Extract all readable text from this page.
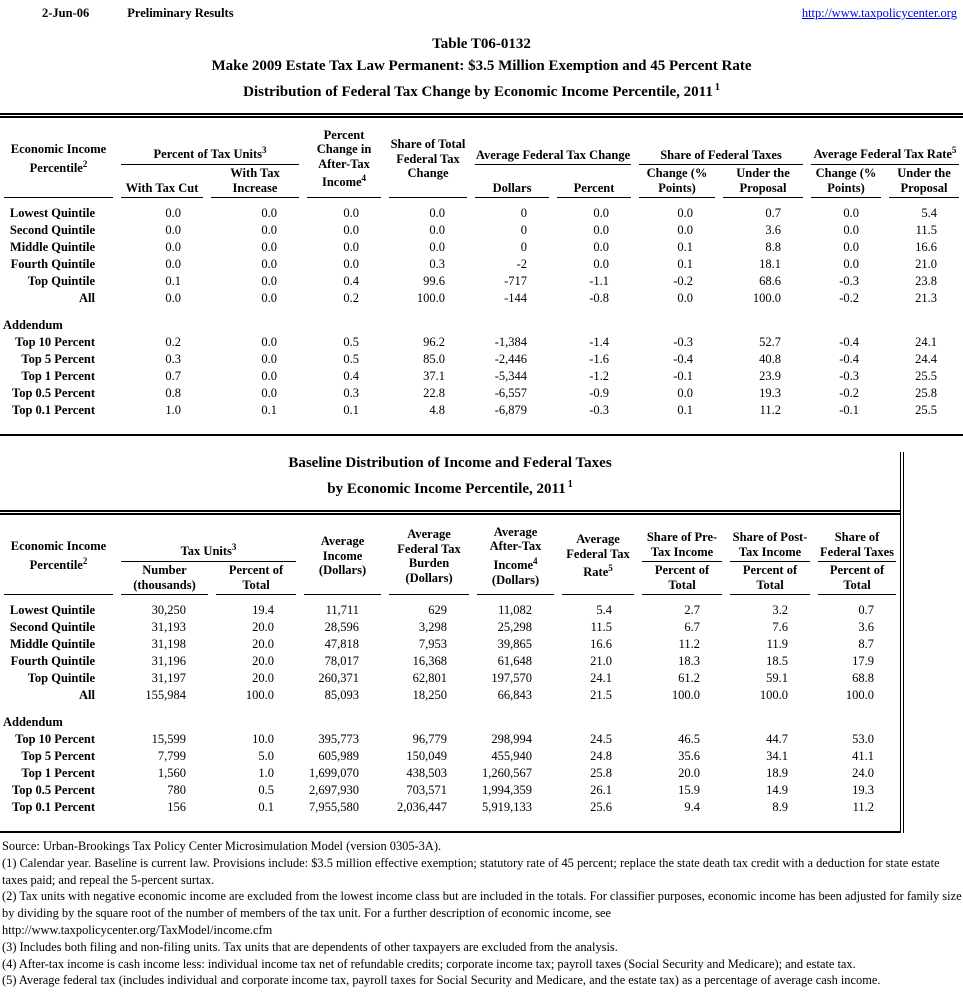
2-Jun-06	Preliminary Results	http://www.taxpolicycenter.org
Table T06-0132
Make 2009 Estate Tax Law Permanent: $3.5 Million Exemption and 45 Percent Rate
Distribution of Federal Tax Change by Economic Income Percentile, 2011 $^1$
Economic Income Percentile$^2$	Percent of Tax Units$^3$		Percent Change in After-Tax Income$^4$	Share of Total Federal Tax Change	Average Federal Tax Change		Share of Federal Taxes		Average Federal Tax Rate$^5$

	With Tax Cut	With Tax Increase			Dollars	Percent	Change (% Points)	Under the Proposal	Change (% Points)	Under the Proposal

Lowest Quintile	0.0	0.0	0.0	0.0	0	0.0	0.0	0.7	0.0	5.4
Second Quintile	0.0	0.0	0.0	0.0	0	0.0	0.0	3.6	0.0	11.5
Middle Quintile	0.0	0.0	0.0	0.0	0	0.0	0.1	8.8	0.0	16.6
Fourth Quintile	0.0	0.0	0.0	0.3	-2	0.0	0.1	18.1	0.0	21.0
Top Quintile	0.1	0.0	0.4	99.6	-717	-1.1	-0.2	68.6	-0.3	23.8
All	0.0	0.0	0.2	100.0	-144	-0.8	0.0	100.0	-0.2	21.3

Addendum										
Top 10 Percent	0.2	0.0	0.5	96.2	-1,384	-1.4	-0.3	52.7	-0.4	24.1
Top 5 Percent	0.3	0.0	0.5	85.0	-2,446	-1.6	-0.4	40.8	-0.4	24.4
Top 1 Percent	0.7	0.0	0.4	37.1	-5,344	-1.2	-0.1	23.9	-0.3	25.5
Top 0.5 Percent	0.8	0.0	0.3	22.8	-6,557	-0.9	0.0	19.3	-0.2	25.8
Top 0.1 Percent	1.0	0.1	0.1	4.8	-6,879	-0.3	0.1	11.2	-0.1	25.5
Baseline Distribution of Income and Federal Taxes
by Economic Income Percentile, 2011 $^1$
Economic Income Percentile$^2$	Tax Units$^3$		Average Income (Dollars)	Average Federal Tax Burden (Dollars)	Average After-Tax Income$^4$ (Dollars)	Average Federal Tax Rate$^5$	Share of Pre-Tax Income	Share of Post-Tax Income	Share of Federal Taxes

	Number (thousands)	Percent of Total					Percent of Total	Percent of Total	Percent of Total

Lowest Quintile	30,250	19.4	11,711	629	11,082	5.4	2.7	3.2	0.7
Second Quintile	31,193	20.0	28,596	3,298	25,298	11.5	6.7	7.6	3.6
Middle Quintile	31,198	20.0	47,818	7,953	39,865	16.6	11.2	11.9	8.7
Fourth Quintile	31,196	20.0	78,017	16,368	61,648	21.0	18.3	18.5	17.9
Top Quintile	31,197	20.0	260,371	62,801	197,570	24.1	61.2	59.1	68.8
All	155,984	100.0	85,093	18,250	66,843	21.5	100.0	100.0	100.0

Addendum									
Top 10 Percent	15,599	10.0	395,773	96,779	298,994	24.5	46.5	44.7	53.0
Top 5 Percent	7,799	5.0	605,989	150,049	455,940	24.8	35.6	34.1	41.1
Top 1 Percent	1,560	1.0	1,699,070	438,503	1,260,567	25.8	20.0	18.9	24.0
Top 0.5 Percent	780	0.5	2,697,930	703,571	1,994,359	26.1	15.9	14.9	19.3
Top 0.1 Percent	156	0.1	7,955,580	2,036,447	5,919,133	25.6	9.4	8.9	11.2
Source: Urban-Brookings Tax Policy Center Microsimulation Model (version 0305-3A).
(1) Calendar year. Baseline is current law. Provisions include: $3.5 million effective exemption; statutory rate of 45 percent; replace the state death tax credit with a deduction for state estate taxes paid; and repeal the 5-percent surtax.
(2) Tax units with negative economic income are excluded from the lowest income class but are included in the totals. For classifier purposes, economic income has been adjusted for family size by dividing by the square root of the number of members of the tax unit. For a further description of economic income, see
http://www.taxpolicycenter.org/TaxModel/income.cfm
(3) Includes both filing and non-filing units. Tax units that are dependents of other taxpayers are excluded from the analysis.
(4) After-tax income is cash income less: individual income tax net of refundable credits; corporate income tax; payroll taxes (Social Security and Medicare); and estate tax.
(5) Average federal tax (includes individual and corporate income tax, payroll taxes for Social Security and Medicare, and the estate tax) as a percentage of average cash income.
